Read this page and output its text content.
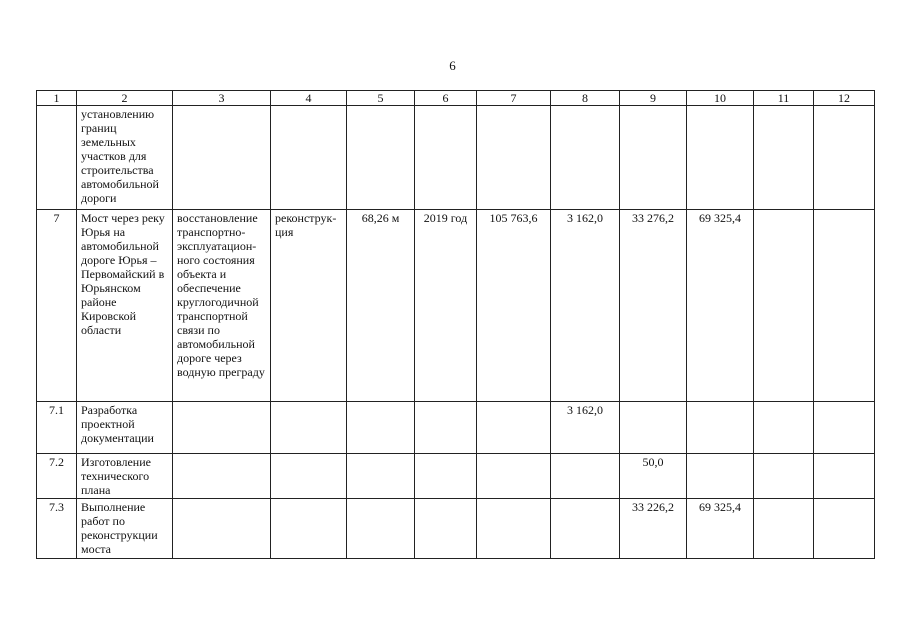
6
1	2	3	4	5	6	7	8	9	10	11	12
	установлению границ земельных участков для строительства автомобильной дороги										
7	Мост через реку Юрья на автомобильной дороге Юрья – Первомайский в Юрьянском районе Кировской области	восстановление транспортно-эксплуатацион-ного состояния объекта и обеспечение круглогодичной транспортной связи по автомобильной дороге через водную преграду	реконструк-ция	68,26 м	2019 год	105 763,6	3 162,0	33 276,2	69 325,4		
7.1	Разработка проектной документации						3 162,0				
7.2	Изготовление технического плана							50,0			
7.3	Выполнение работ по реконструкции моста							33 226,2	69 325,4		
